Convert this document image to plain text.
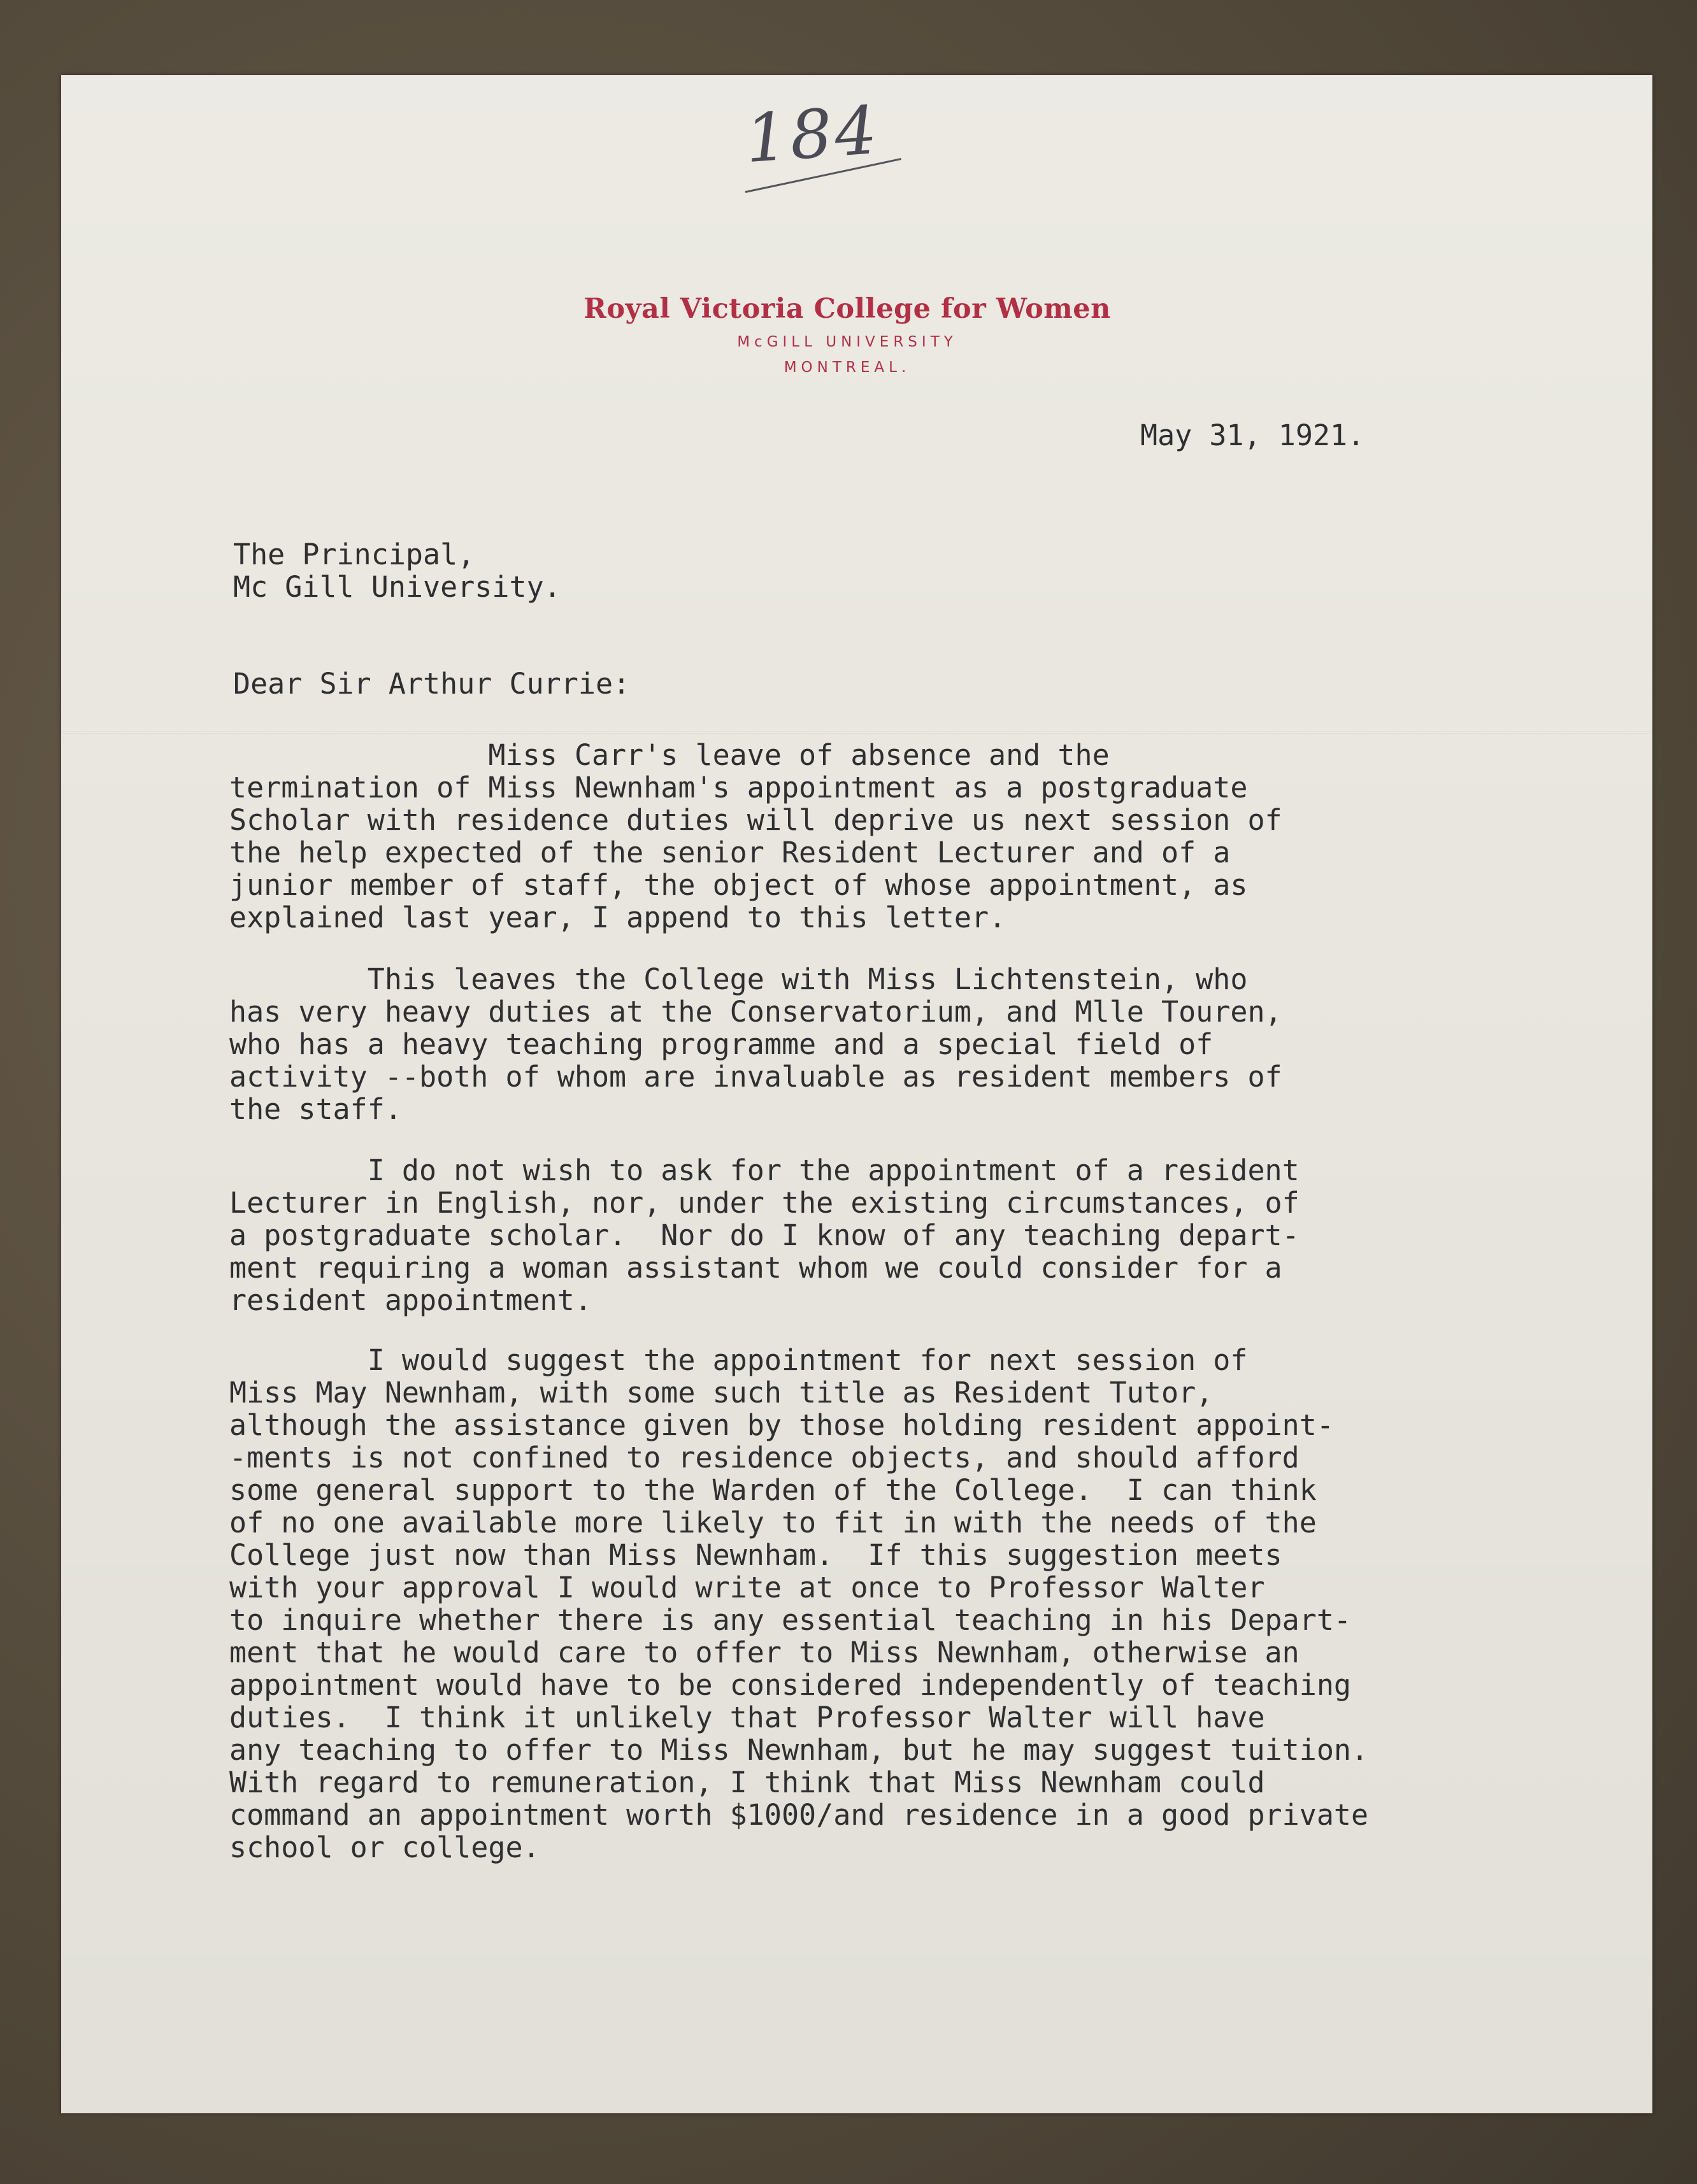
184
Royal Victoria College for Women
McGILL UNIVERSITY
MONTREAL.
May 31, 1921.
The Principal,
Mc Gill University.
Dear Sir Arthur Currie:
Miss Carr's leave of absence and the
termination of Miss Newnham's appointment as a postgraduate
Scholar with residence duties will deprive us next session of
the help expected of the senior Resident Lecturer and of a
junior member of staff, the object of whose appointment, as
explained last year, I append to this letter.
This leaves the College with Miss Lichtenstein, who
has very heavy duties at the Conservatorium, and Mlle Touren,
who has a heavy teaching programme and a special field of
activity --both of whom are invaluable as resident members of
the staff.
I do not wish to ask for the appointment of a resident
Lecturer in English, nor, under the existing circumstances, of
a postgraduate scholar.  Nor do I know of any teaching depart-
ment requiring a woman assistant whom we could consider for a
resident appointment.
I would suggest the appointment for next session of
Miss May Newnham, with some such title as Resident Tutor,
although the assistance given by those holding resident appoint-
-ments is not confined to residence objects, and should afford
some general support to the Warden of the College.  I can think
of no one available more likely to fit in with the needs of the
College just now than Miss Newnham.  If this suggestion meets
with your approval I would write at once to Professor Walter
to inquire whether there is any essential teaching in his Depart-
ment that he would care to offer to Miss Newnham, otherwise an
appointment would have to be considered independently of teaching
duties.  I think it unlikely that Professor Walter will have
any teaching to offer to Miss Newnham, but he may suggest tuition.
With regard to remuneration, I think that Miss Newnham could
command an appointment worth $1000/and residence in a good private
school or college.
